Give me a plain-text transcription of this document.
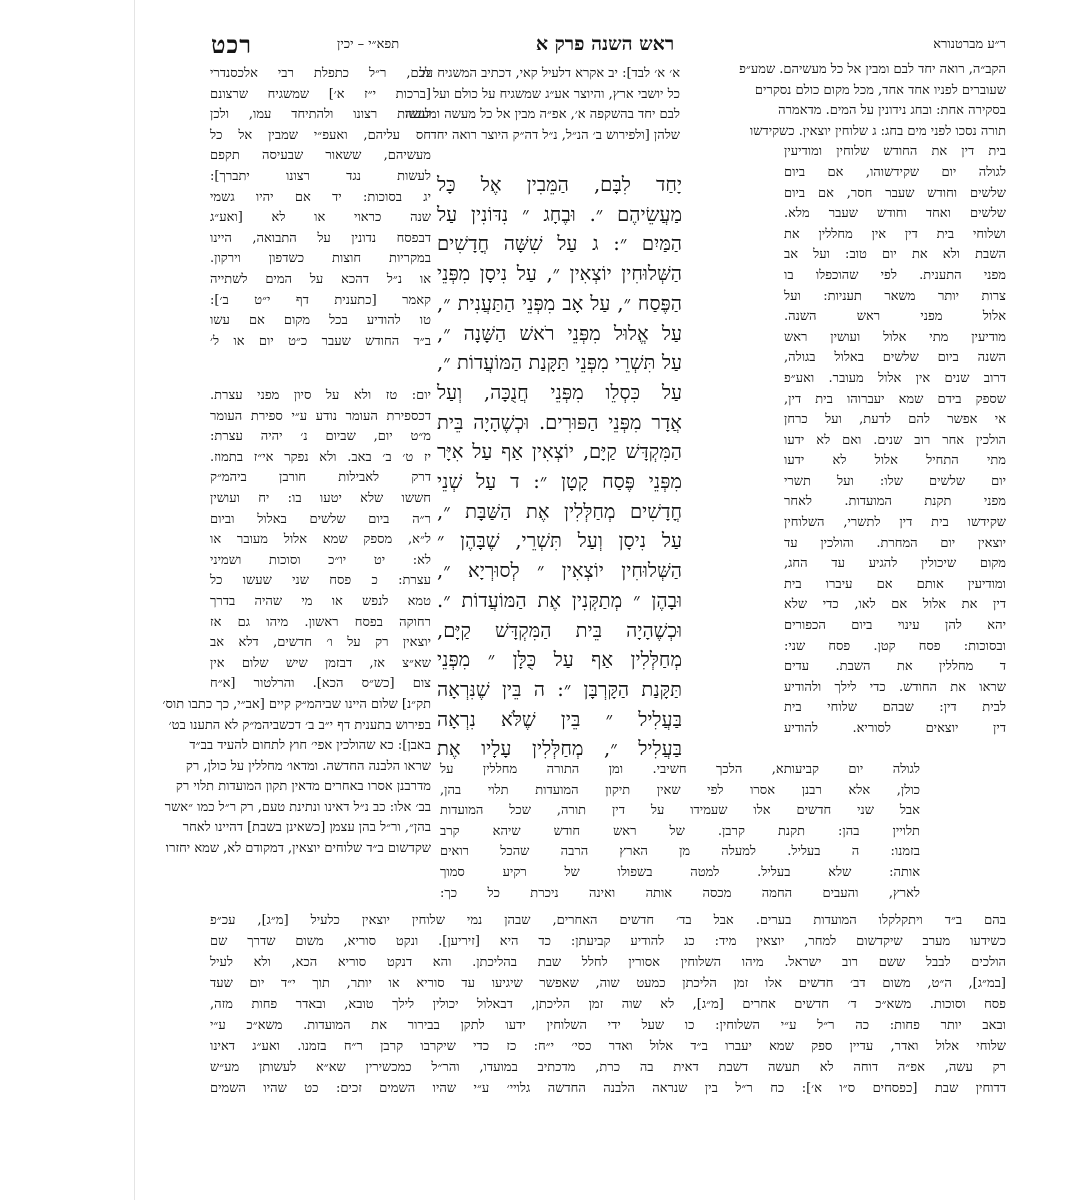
רכט	תפא״י – יכין	ראש השנה פרק א	ר״ע מברטנורא
הקב״ה, רואה יחד לבם ומבין אל כל מעשיהם. שמע״פ
שעוברים לפניו אחד אחד, מכל מקום כולם נסקרים
בסקירה אחת: ובחג נידונין על המים. מדאמרה
תורה נסכו לפני מים בחג: ג שלוחין יוצאין. כשקידשו
בית דין את החודש שלוחין ומודיעין
לגולה יום שקידשוהו, אם ביום
שלשים וחודש שעבר חסר, אם ביום
שלשים ואחד וחודש שעבר מלא.
ושלוחי בית דין אין מחללין את
השבת ולא את יום טוב: ועל אב
מפני התענית. לפי שהוכפלו בו
צרות יותר משאר תעניות: ועל
אלול מפני ראש השנה.
מודיעין מתי אלול ועושין ראש
השנה ביום שלשים באלול בגולה,
דרוב שנים אין אלול מעובר. ואע״פ
שספק בידם שמא יעברוהו בית דין,
אי אפשר להם לדעת, ועל כרחן
הולכין אחר רוב שנים. ואם לא ידעו
מתי התחיל אלול לא ידעו
יום שלשים שלו: ועל תשרי
מפני תקנת המועדות. לאחר
שקידשו בית דין לתשרי, השלוחין
יוצאין יום המחרת. והולכין עד
מקום שיכולין להגיע עד החג,
ומודיעין אותם אם עיברו בית
דין את אלול אם לאו, כדי שלא
יהא להן עינוי ביום הכפורים
ובסוכות: פסח קטן. פסח שני:
ד מחללין את השבת. עדים
שראו את החודש. כדי לילך ולהודיע
לבית דין: שבהם שלוחי בית
דין יוצאים לסוריא. להודיע
א׳ א׳ לבד]: יב אקרא דלעיל קאי, דכתיב המשגיח על
כל יושבי ארץ, והיוצר אע״ג שמשגיח על כולם ועל
לבם יחד בהשקפה א׳, אפ״ה מבין אל כל מעשה ומעשה
שלהן [ולפירוש ב׳ הנ״ל, נ״ל דה״ק היוצר רואה יחד
לבם, ר״ל כתפלת רבי אלכסנדרי
[ברכות י״ז א׳] שמשגיח שרצונם
לעשות רצונו ולהתיחד עמו, ולכן
חס עליהם, ואעפ״י שמבין אל כל
מעשיהם, ששאור שבעיסה תקפם
לעשות נגד רצונו יתברך]:
יג בסוכות: יד אם יהיו גשמי
שנה כראוי או לא [ואע״ג
דבפסח נדונין על התבואה, היינו
במקריות חוצות כשדפון וירקון.
או נ״ל דהכא על המים לשתייה
קאמר [כתענית דף י״ט ב׳]:
טו להודיע בכל מקום אם עשו
ב״ד החודש שעבר כ״ט יום או ל׳
יָחַד לִבָּם, הַמֵּבִין אֶל כָּל
מַעֲשֵׂיהֶם ״. וּבֶחָג ״ נִדּוֹנִין עַל
הַמַּיִם ״: ג עַל שִׁשָּׁה חֳדָשִׁים
הַשְּׁלוּחִין יוֹצְאִין ״, עַל נִיסָן מִפְּנֵי
הַפֶּסַח ״, עַל אָב מִפְּנֵי הַתַּעֲנִית ״,
עַל אֱלוּל מִפְּנֵי רֹאשׁ הַשָּׁנָה ״,
עַל תִּשְׁרֵי מִפְּנֵי תַּקָּנַת הַמּוֹעֲדוֹת ״,
עַל כִּסְלֵו מִפְּנֵי חֲנֻכָּה, וְעַל
אֲדָר מִפְּנֵי הַפּוּרִים. וּכְשֶׁהָיָה בֵּית
הַמִּקְדָּשׁ קַיָּם, יוֹצְאִין אַף עַל אִיָּר
מִפְּנֵי פֶּסַח קָטָן ״: ד עַל שְׁנֵי
חֳדָשִׁים מְחַלְּלִין אֶת הַשַּׁבָּת ״,
עַל נִיסָן וְעַל תִּשְׁרֵי, שֶׁבָּהֶן ״
הַשְּׁלוּחִין יוֹצְאִין ״ לְסוּרְיָא ״,
וּבָהֶן ״ מְתַקְּנִין אֶת הַמּוֹעֲדוֹת ״.
וּכְשֶׁהָיָה בֵּית הַמִּקְדָּשׁ קַיָּם,
מְחַלְּלִין אַף עַל כֻּלָּן ״ מִפְּנֵי
תַּקָּנַת הַקָּרְבָּן ״: ה בֵּין שֶׁנִּרְאָה
בַּעֲלִיל ״ בֵּין שֶׁלֹּא נִרְאָה
בַּעֲלִיל ״, מְחַלְּלִין עָלָיו אֶת
יום: טז ולא על סיון מפני עצרת.
דכספירת העומר נודע ע״י ספירת העומר
מ״ט יום, שביום נ׳ יהיה עצרת:
יז ט׳ ב׳ באב. ולא נפקר אי״ז בתמוז.
דרק לאבילות חורבן ביהמ״ק
חששו שלא יטעו בו: יח ועושין
ר״ה ביום שלשים באלול וביום
ל״א, מספק שמא אלול מעובר או
לא: יט יו״כ וסוכות ושמיני
עצרת: כ פסח שני שעשו כל
טמא לנפש או מי שהיה בדרך
רחוקה בפסח ראשון. מיהו גם אז
יוצאין רק על ו׳ חדשים, דלא אב
שא״צ אז, דבזמן שיש שלום אין
צום [כש״ס הכא]. והרלטור [א״ח
תק״נ] שלום היינו שביהמ״ק קיים [אב״י, כך כתבו תוס׳
בפירוש בתענית דף י״ב ב׳ דכשביהמ״ק לא התענו בט׳
באבן]: כא שהולכין אפי׳ חוץ לתחום להעיד בב״ד
שראו הלבנה החדשה. ומדאו׳ מחללין על כולן, רק
מדרבנן אסרו באחרים מדאין תקון המועדות תלוי רק
בב׳ אלו: כב נ״ל דאינו ונתינת טעם, רק ר״ל כמו ״אשר
בהן״, ור״ל בהן עצמן [כשאינן בשבת] דהיינו לאחר
שקדשום ב״ד שלוחים יוצאין, דמקודם לא, שמא יחזרו
לגולה יום קביעותא, הלכך חשיבי. ומן התורה מחללין על
כולן, אלא רבנן אסרו לפי שאין תיקון המועדות תלוי בהן,
אבל שני חדשים אלו שעמידו על דין תורה, שכל המועדות
תלויין בהן: תקנת קרבן. של ראש חודש שיהא קרב
בזמנו: ה בעליל. למעלה מן הארץ הרבה שהכל רואים
אותה: שלא בעליל. למטה בשפולו של רקיע סמוך
לארץ, והעבים החמה מכסה אותה ואינה ניכרת כל כך:
בהם ב״ד ויתקלקלו המועדות בערים. אבל בד׳ חדשים האחרים, שבהן נמי שלוחין יוצאין כלעיל [מ״ג], עכ״פ
כשידעו מערב שיקדשום למחר, יוצאין מיד: כג להודיע קביעתן: כד היא [זיריען]. ונקט סוריא, משום שדרך שם
הולכים לבבל ששם רוב ישראל. מיהו השלוחין אסורין לחלל שבת בהליכתן. והא דנקט סוריא הכא, ולא לעיל
[במ״ג], ה״ט, משום דב׳ חדשים אלו זמן הליכתן כמעט שוה, שאפשר שיגיעו עד סוריא או יותר, תוך י״ד יום שעד
פסח וסוכות. משא״כ ד׳ חדשים אחרים [מ״ג], לא שוה זמן הליכתן, דבאלול יכולין לילך טובא, ובאדר פחות מזה,
ובאב יותר פחות: כה ר״ל ע״י השלוחין: כו שעל ידי השלוחין ידעו לתקן בבירור את המועדות. משא״כ ע״י
שלוחי אלול ואדר, עדיין ספק שמא יעברו ב״ד אלול ואדר כסי׳ י״ח: כז כדי שיקרבו קרבן ר״ח בזמנו. ואע״ג דאינו
רק עשה, אפ״ה דוחה לא תעשה דשבת דאית בה כרת, מדכתיב במועדו, והר״ל כמכשירין שא״א לעשותן מע״ש
דדוחין שבת [כפסחים ס״ו א׳]: כח ר״ל בין שנראה הלבנה החדשה גלויי׳ ע״י שהיו השמים זכים: כט שהיו השמים
